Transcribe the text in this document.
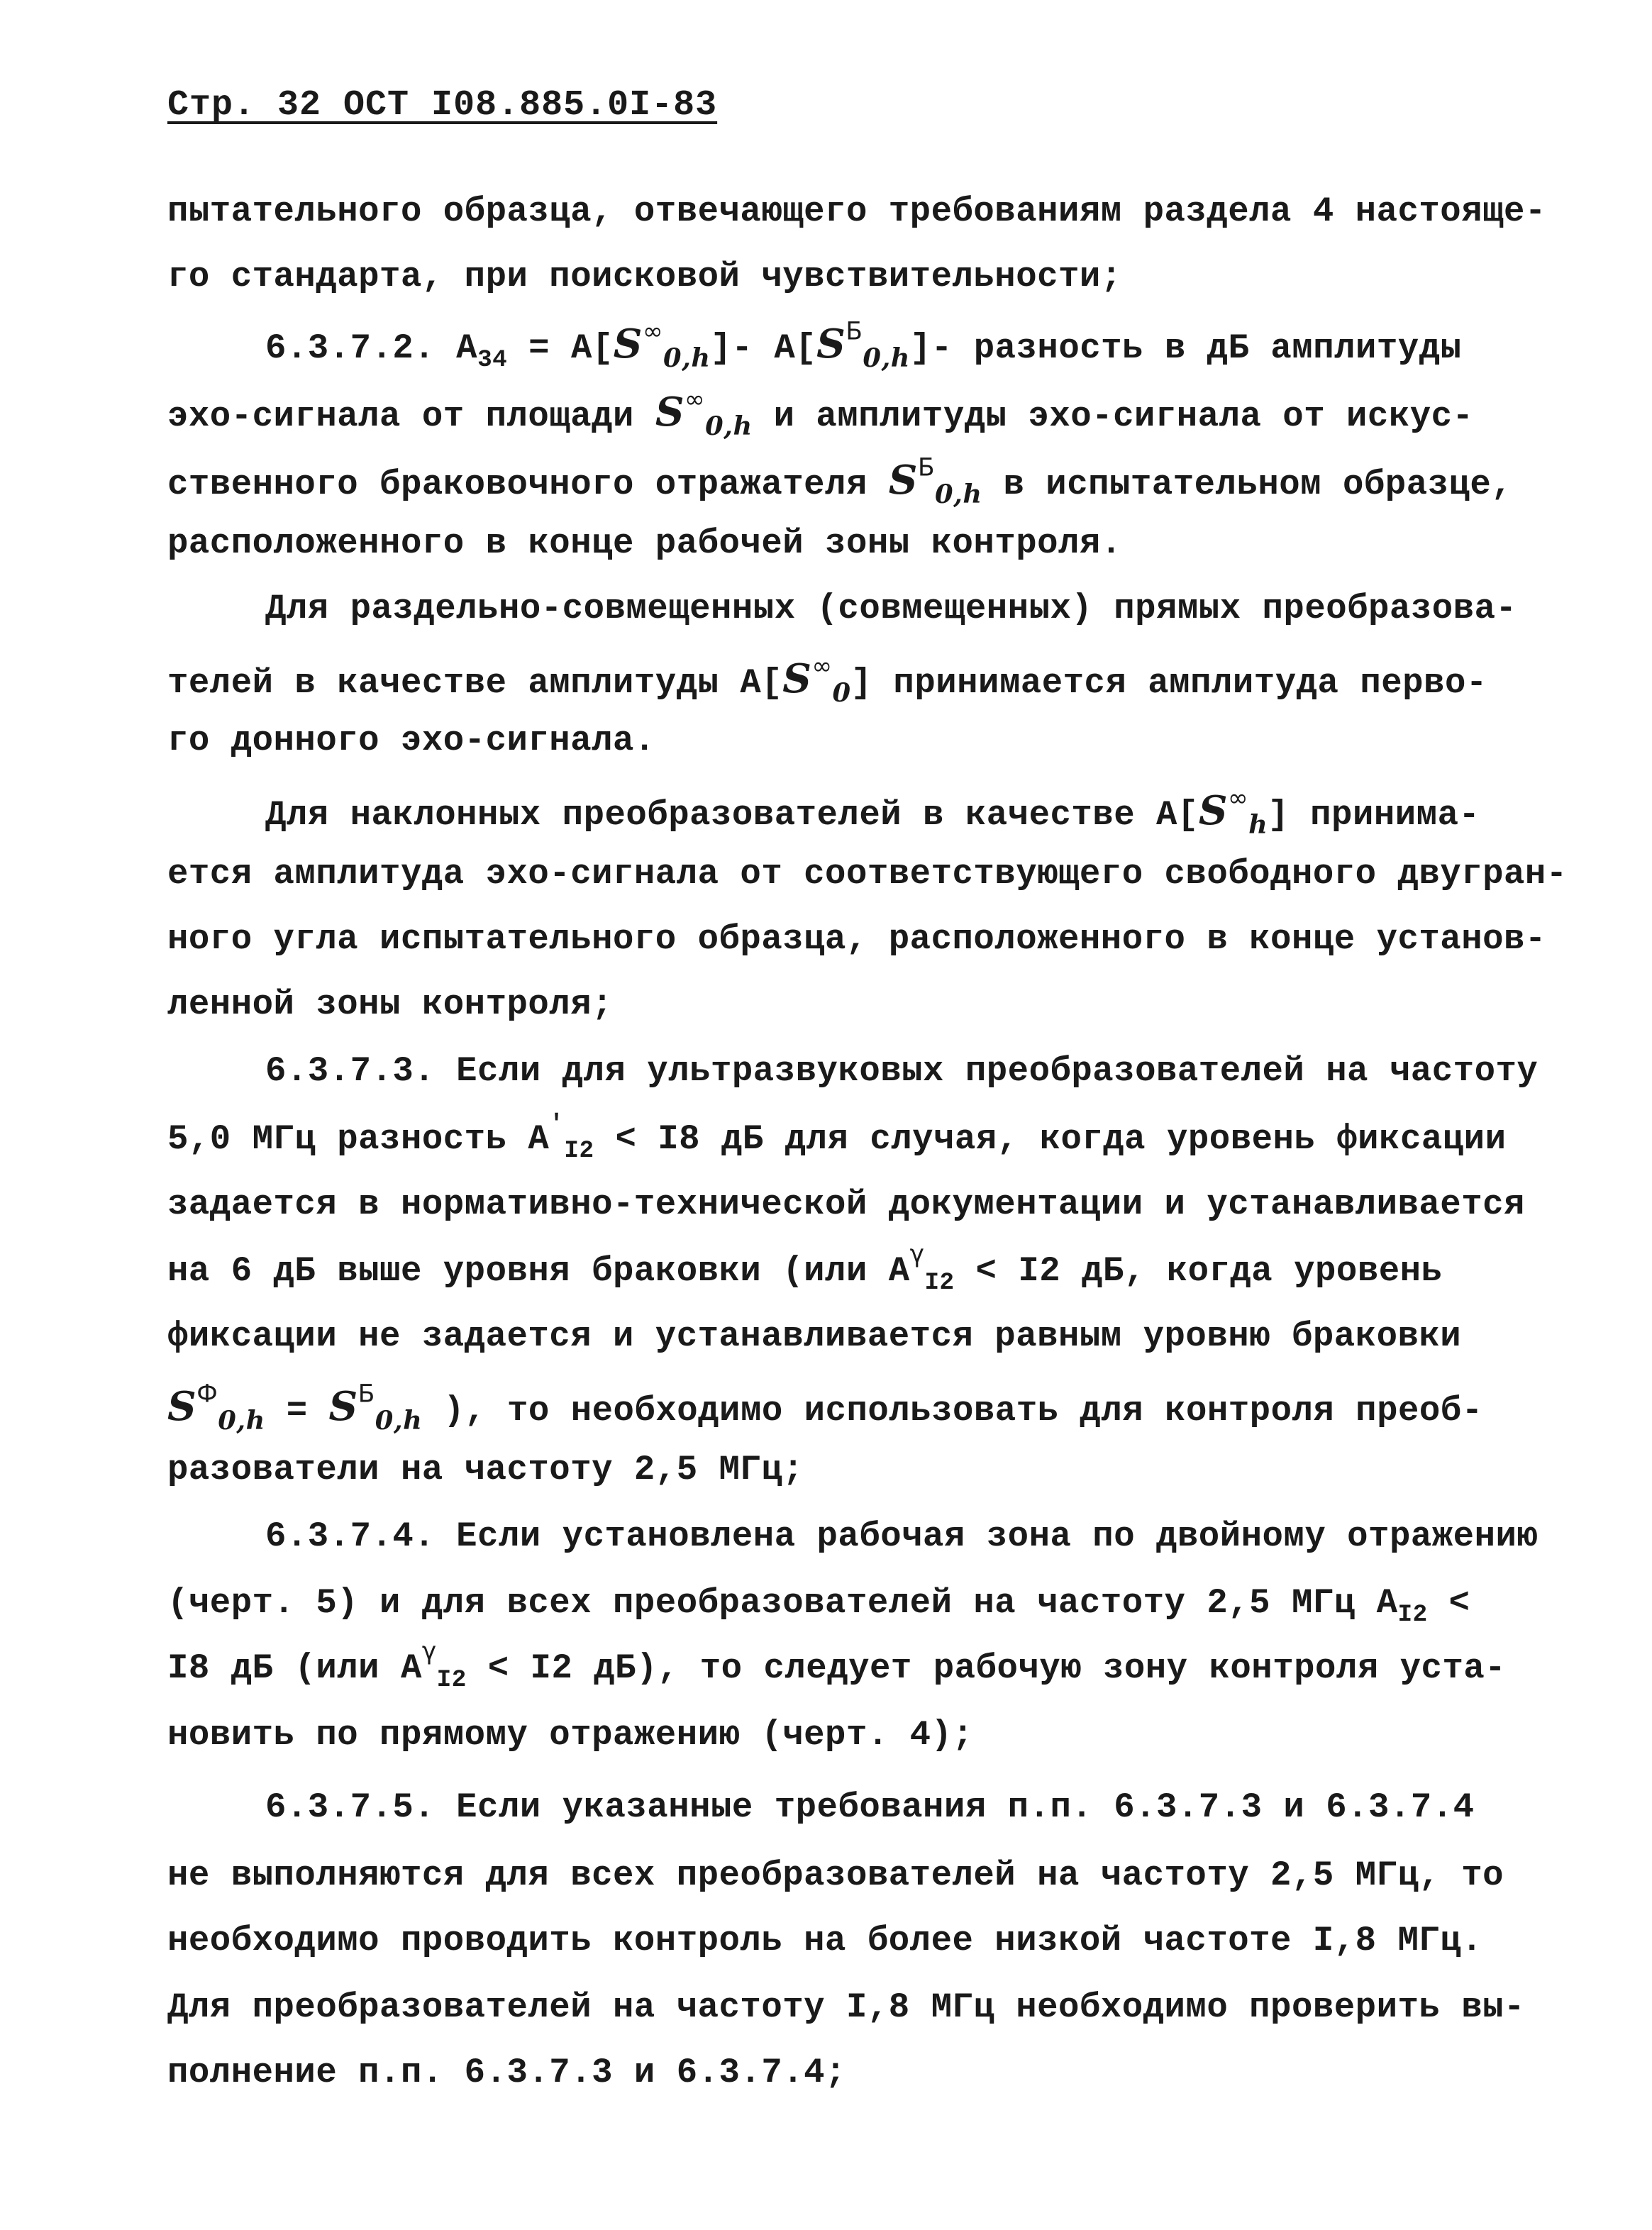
Стр. 32 ОСТ I08.885.0I-83
пытательного образца, отвечающего требованиям раздела 4 настояще-
го стандарта, при поисковой чувствительности;
6.3.7.2. $A_{34} = A[S^\infty_{0,h}]-$ $A[S^Б_{0,h}]-$ разность в дБ амплитуды
эхо-сигнала от площади $S^\infty_{0,h}$ и амплитуды эхо-сигнала от искус-
ственного браковочного отражателя $S^Б_{0,h}$ в испытательном образце,
расположенного в конце рабочей зоны контроля.
Для раздельно-совмещенных (совмещенных) прямых преобразова-
телей в качестве амплитуды $A[S^\infty_0]$ принимается амплитуда перво-
го донного эхо-сигнала.
Для наклонных преобразователей в качестве $A[S^\infty_h]$ принима-
ется амплитуда эхо-сигнала от соответствующего свободного двугран-
ного угла испытательного образца, расположенного в конце установ-
ленной зоны контроля;
6.3.7.3. Если для ультразвуковых преобразователей на частоту
5,0 МГц разность $A'_{I2} < I8$ дБ для случая, когда уровень фиксации
задается в нормативно-технической документации и устанавливается
на 6 дБ выше уровня браковки (или $A^\gamma_{I2} < I2$ дБ, когда уровень
фиксации не задается и устанавливается равным уровню браковки
$S^Ф_{0,h} = S^Б_{0,h}$ ), то необходимо использовать для контроля преоб-
разователи на частоту 2,5 МГц;
6.3.7.4. Если установлена рабочая зона по двойному отражению
(черт. 5) и для всех преобразователей на частоту 2,5 МГц $A_{I2}$ <
I8 дБ (или $A^\gamma_{I2} < I2$ дБ), то следует рабочую зону контроля уста-
новить по прямому отражению (черт. 4);
6.3.7.5. Если указанные требования п.п. 6.3.7.3 и 6.3.7.4
не выполняются для всех преобразователей на частоту 2,5 МГц, то
необходимо проводить контроль на более низкой частоте I,8 МГц.
Для преобразователей на частоту I,8 МГц необходимо проверить вы-
полнение п.п. 6.3.7.3 и 6.3.7.4;
